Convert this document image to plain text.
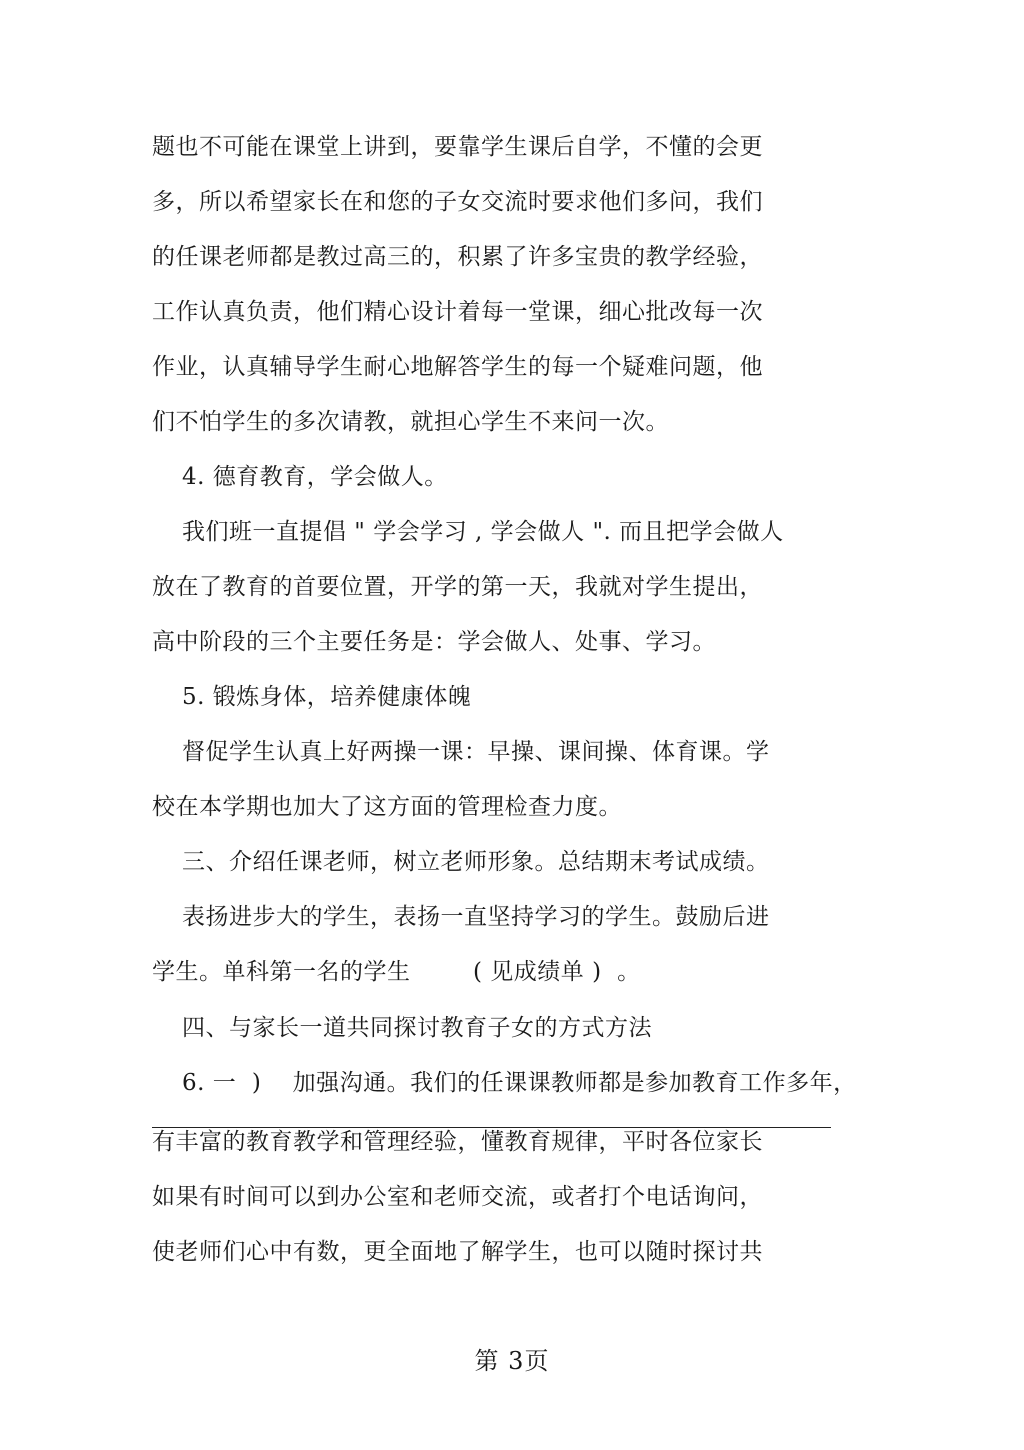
题也不可能在课堂上讲到，要靠学生课后自学，不懂的会更
多，所以希望家长在和您的子女交流时要求他们多问，我们
的任课老师都是教过高三的，积累了许多宝贵的教学经验，
工作认真负责，他们精心设计着每一堂课，细心批改每一次
作业，认真辅导学生耐心地解答学生的每一个疑难问题，他
们不怕学生的多次请教，就担心学生不来问一次。
4. 德育教育，学会做人。
我们班一直提倡 " 学会学习 , 学会做人 ". 而且把学会做人
放在了教育的首要位置，开学的第一天，我就对学生提出，
高中阶段的三个主要任务是：学会做人、处事、学习。
5. 锻炼身体，培养健康体魄
督促学生认真上好两操一课：早操、课间操、体育课。学
校在本学期也加大了这方面的管理检查力度。
三、介绍任课老师，树立老师形象。总结期末考试成绩。
表扬进步大的学生，表扬一直坚持学习的学生。鼓励后进
学生。单科第一名的学生        ( 见成绩单 )  。
四、与家长一道共同探讨教育子女的方式方法
6. 一  )    加强沟通。我们的任课课教师都是参加教育工作多年，
有丰富的教育教学和管理经验，懂教育规律，平时各位家长
如果有时间可以到办公室和老师交流，或者打个电话询问，
使老师们心中有数，更全面地了解学生，也可以随时探讨共
第 3页
